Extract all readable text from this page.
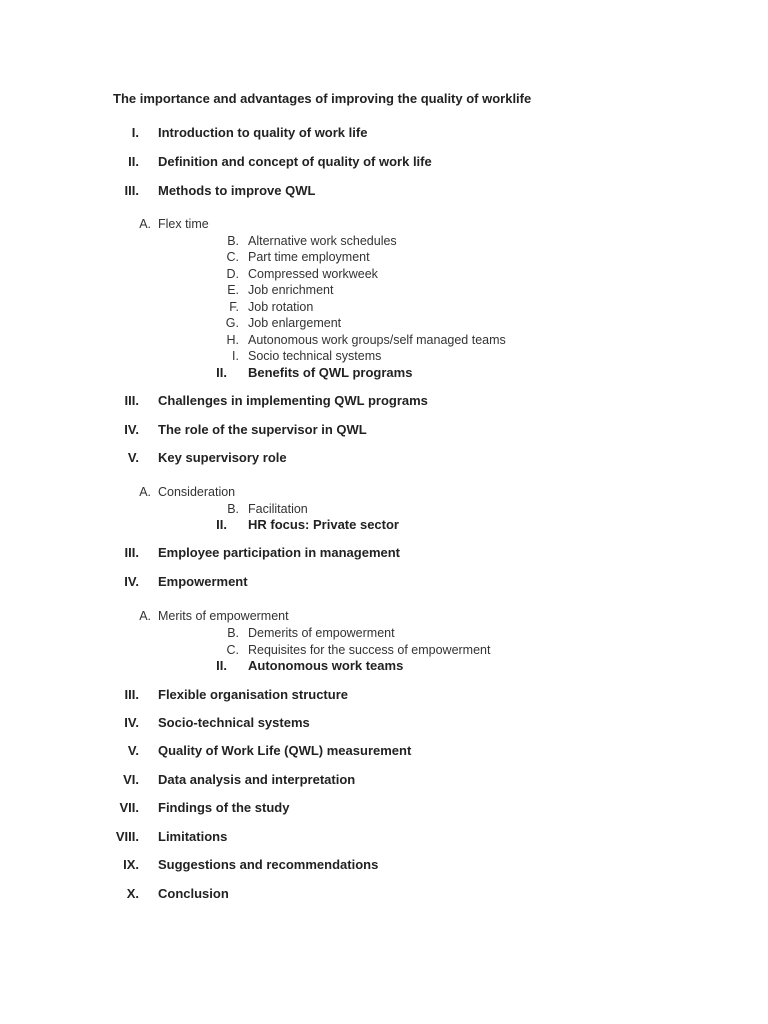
The importance and advantages of improving the quality of worklife
I. Introduction to quality of work life
II. Definition and concept of quality of work life
III. Methods to improve QWL
A. Flex time
B. Alternative work schedules
C. Part time employment
D. Compressed workweek
E. Job enrichment
F. Job rotation
G. Job enlargement
H. Autonomous work groups/self managed teams
I. Socio technical systems
II. Benefits of QWL programs
III. Challenges in implementing QWL programs
IV. The role of the supervisor in QWL
V. Key supervisory role
A. Consideration
B. Facilitation
II. HR focus: Private sector
III. Employee participation in management
IV. Empowerment
A. Merits of empowerment
B. Demerits of empowerment
C. Requisites for the success of empowerment
II. Autonomous work teams
III. Flexible organisation structure
IV. Socio-technical systems
V. Quality of Work Life (QWL) measurement
VI. Data analysis and interpretation
VII. Findings of the study
VIII. Limitations
IX. Suggestions and recommendations
X. Conclusion
